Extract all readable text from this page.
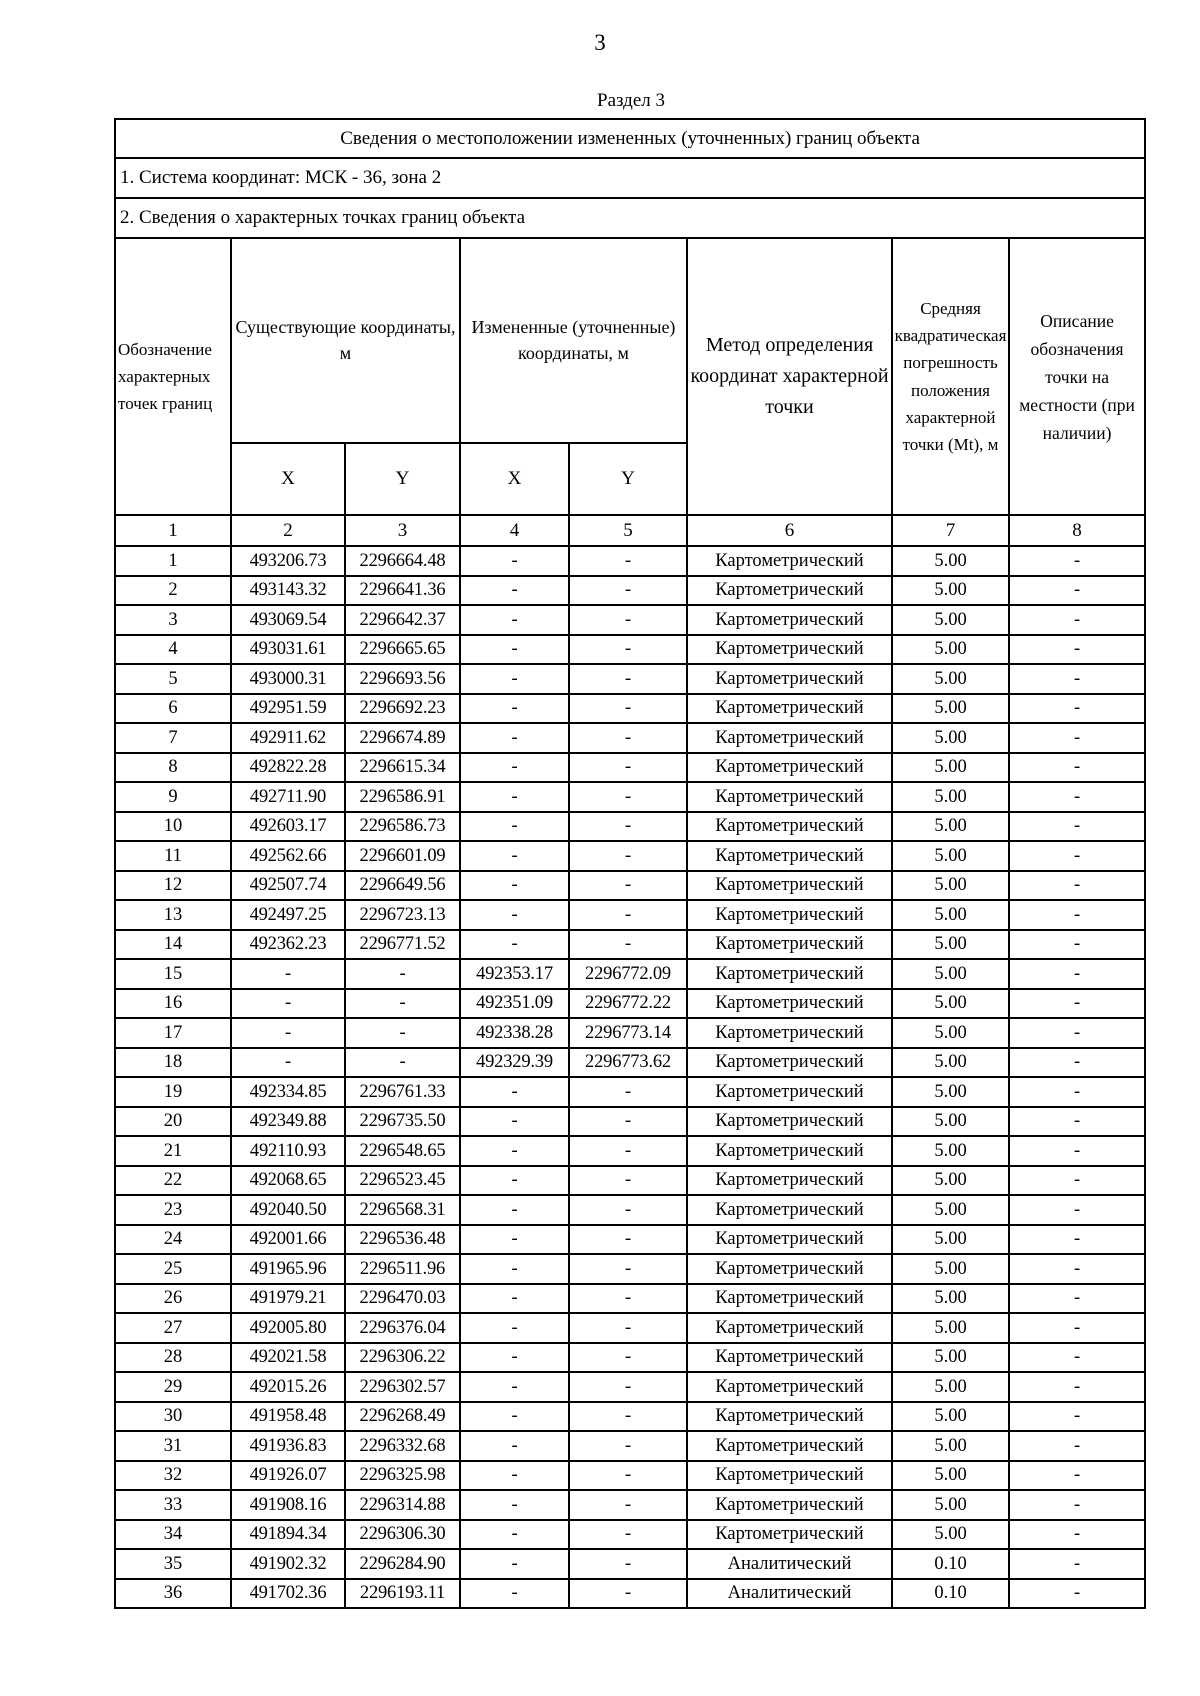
3
Раздел 3
Сведения о местоположении измененных (уточненных) границ объекта							
1. Система координат: МСК - 36, зона 2							
2. Сведения о характерных точках границ объекта							
Обозначение характерных точек границ	Существующие координаты, м		Измененные (уточненные) координаты, м		Метод определения координат характерной точки	Средняя квадратическая погрешность положения характерной точки (Mt), м	Описание обозначения точки на местности (при наличии)
	X	Y	X	Y			
1	2	3	4	5	6	7	8
1	493206.73	2296664.48	-	-	Картометрический	5.00	-
2	493143.32	2296641.36	-	-	Картометрический	5.00	-
3	493069.54	2296642.37	-	-	Картометрический	5.00	-
4	493031.61	2296665.65	-	-	Картометрический	5.00	-
5	493000.31	2296693.56	-	-	Картометрический	5.00	-
6	492951.59	2296692.23	-	-	Картометрический	5.00	-
7	492911.62	2296674.89	-	-	Картометрический	5.00	-
8	492822.28	2296615.34	-	-	Картометрический	5.00	-
9	492711.90	2296586.91	-	-	Картометрический	5.00	-
10	492603.17	2296586.73	-	-	Картометрический	5.00	-
11	492562.66	2296601.09	-	-	Картометрический	5.00	-
12	492507.74	2296649.56	-	-	Картометрический	5.00	-
13	492497.25	2296723.13	-	-	Картометрический	5.00	-
14	492362.23	2296771.52	-	-	Картометрический	5.00	-
15	-	-	492353.17	2296772.09	Картометрический	5.00	-
16	-	-	492351.09	2296772.22	Картометрический	5.00	-
17	-	-	492338.28	2296773.14	Картометрический	5.00	-
18	-	-	492329.39	2296773.62	Картометрический	5.00	-
19	492334.85	2296761.33	-	-	Картометрический	5.00	-
20	492349.88	2296735.50	-	-	Картометрический	5.00	-
21	492110.93	2296548.65	-	-	Картометрический	5.00	-
22	492068.65	2296523.45	-	-	Картометрический	5.00	-
23	492040.50	2296568.31	-	-	Картометрический	5.00	-
24	492001.66	2296536.48	-	-	Картометрический	5.00	-
25	491965.96	2296511.96	-	-	Картометрический	5.00	-
26	491979.21	2296470.03	-	-	Картометрический	5.00	-
27	492005.80	2296376.04	-	-	Картометрический	5.00	-
28	492021.58	2296306.22	-	-	Картометрический	5.00	-
29	492015.26	2296302.57	-	-	Картометрический	5.00	-
30	491958.48	2296268.49	-	-	Картометрический	5.00	-
31	491936.83	2296332.68	-	-	Картометрический	5.00	-
32	491926.07	2296325.98	-	-	Картометрический	5.00	-
33	491908.16	2296314.88	-	-	Картометрический	5.00	-
34	491894.34	2296306.30	-	-	Картометрический	5.00	-
35	491902.32	2296284.90	-	-	Аналитический	0.10	-
36	491702.36	2296193.11	-	-	Аналитический	0.10	-
